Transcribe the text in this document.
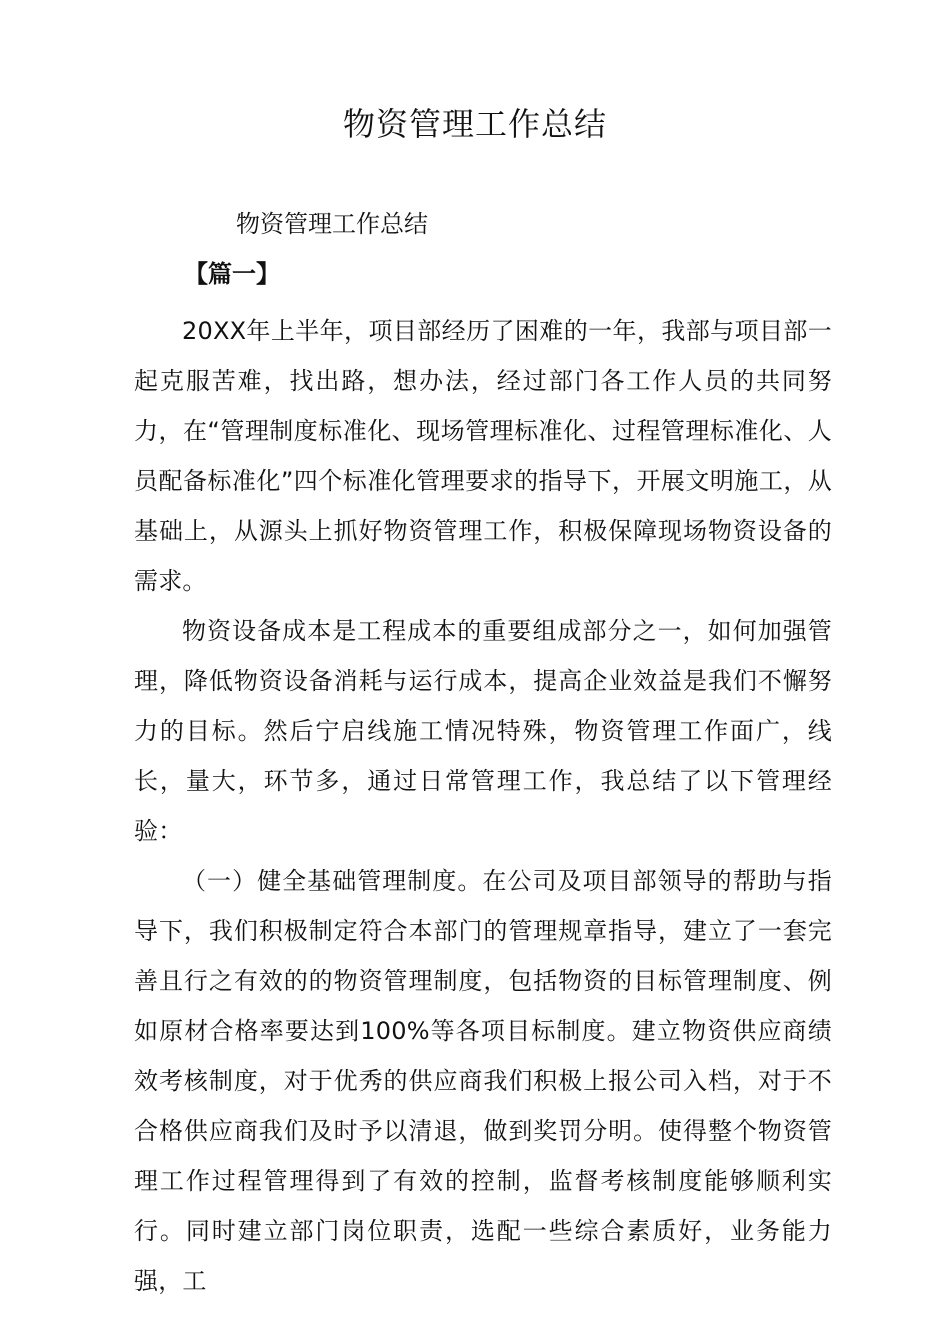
物资管理工作总结
物资管理工作总结
【篇一】

20XX年上半年，项目部经历了困难的一年，我部与项目部一起克服苦难，找出路，想办法，经过部门各工作人员的共同努力，在“管理制度标准化、现场管理标准化、过程管理标准化、人员配备标准化”四个标准化管理要求的指导下，开展文明施工，从基础上，从源头上抓好物资管理工作，积极保障现场物资设备的需求。

物资设备成本是工程成本的重要组成部分之一，如何加强管理，降低物资设备消耗与运行成本，提高企业效益是我们不懈努力的目标。然后宁启线施工情况特殊，物资管理工作面广，线长，量大，环节多，通过日常管理工作，我总结了以下管理经验：

（一）健全基础管理制度。在公司及项目部领导的帮助与指导下，我们积极制定符合本部门的管理规章指导，建立了一套完善且行之有效的的物资管理制度，包括物资的目标管理制度、例如原材合格率要达到100%等各项目标制度。建立物资供应商绩效考核制度，对于优秀的供应商我们积极上报公司入档，对于不合格供应商我们及时予以清退，做到奖罚分明。使得整个物资管理工作过程管理得到了有效的控制，监督考核制度能够顺利实行。同时建立部门岗位职责，选配一些综合素质好，业务能力强，工
